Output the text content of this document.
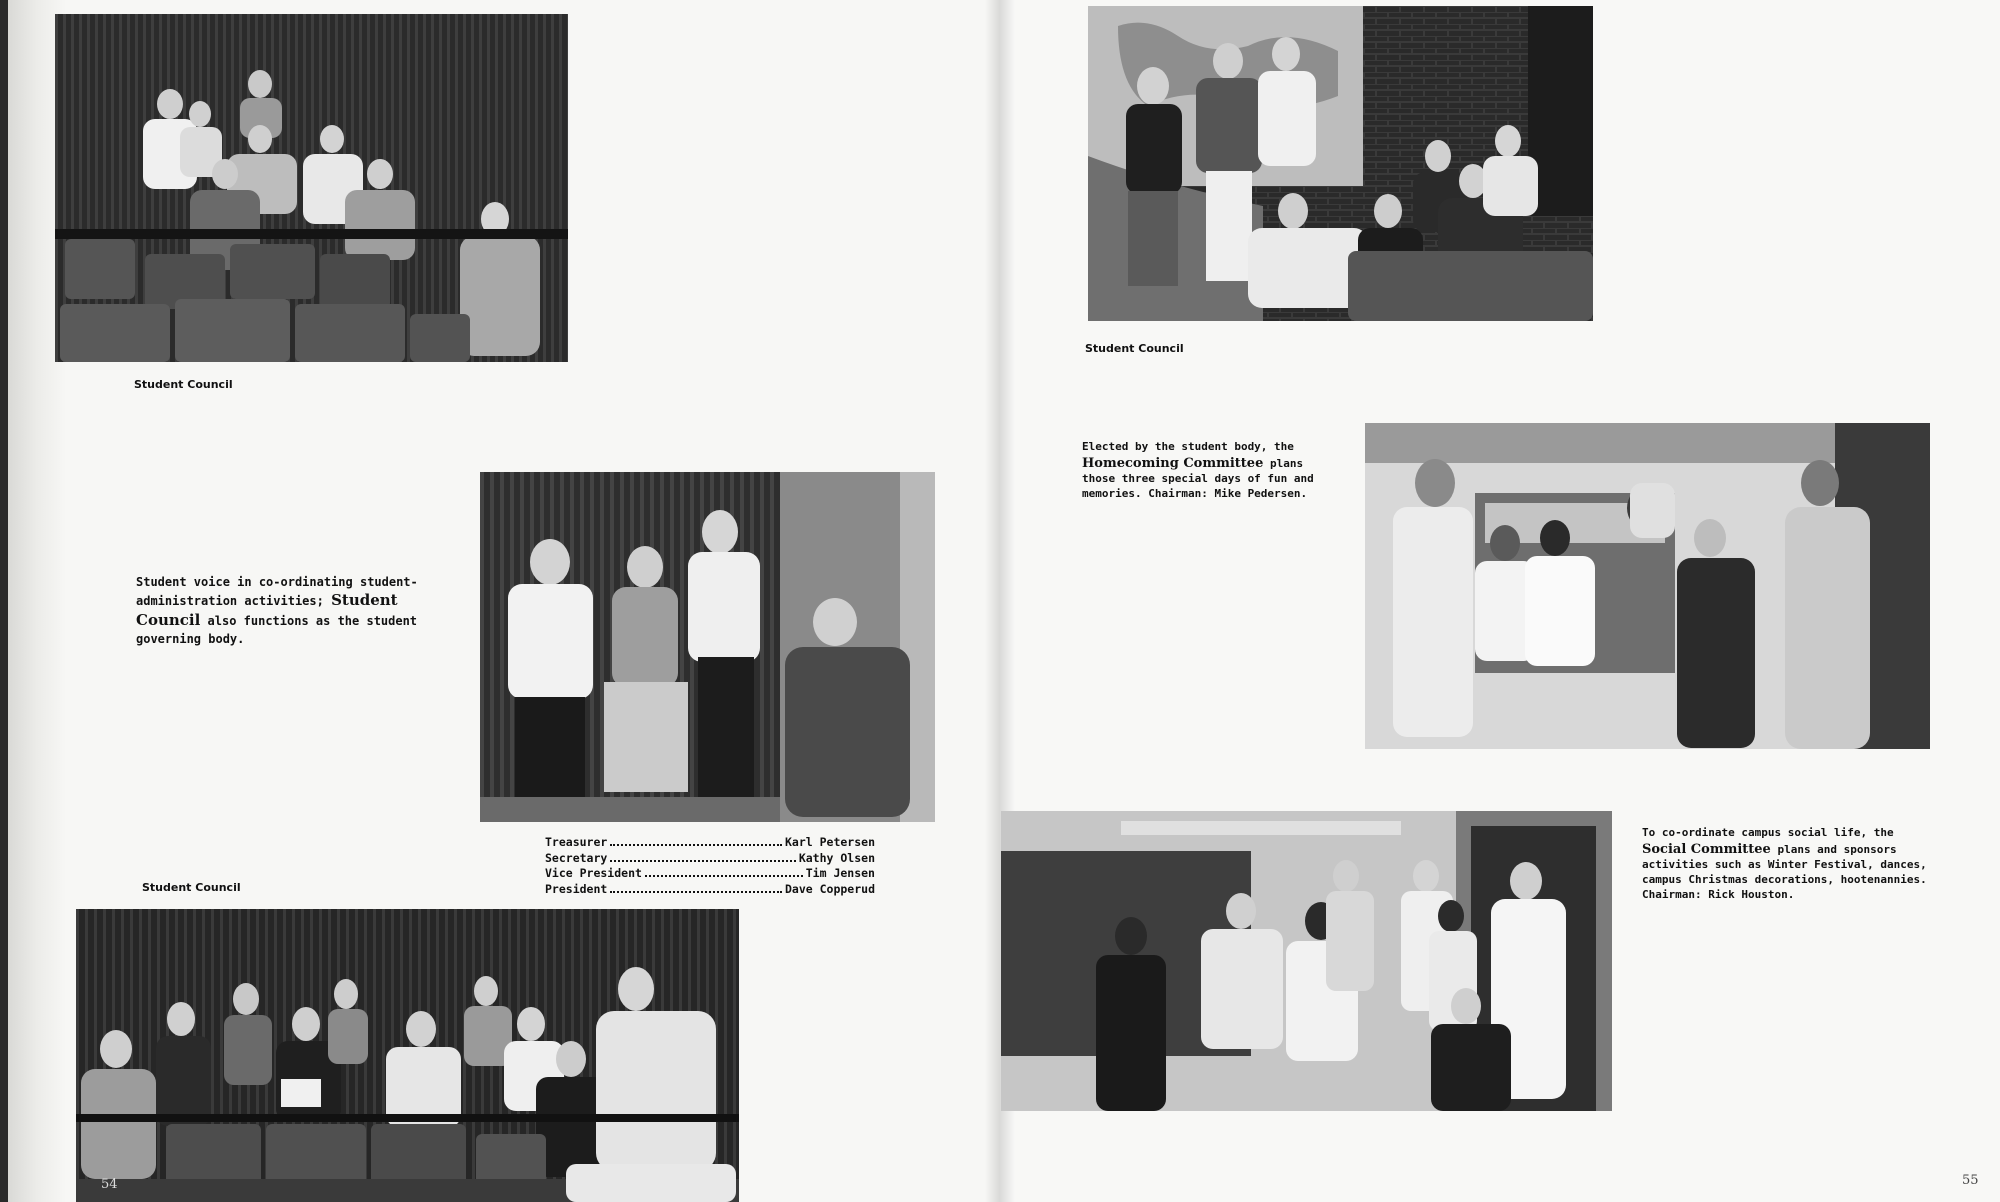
Student Council

Student voice in co-ordinating student-administration activities; Student Council also functions as the student governing body.

Treasurer	Karl Petersen
Secretary	Kathy Olsen
Vice President	Tim Jensen
President	Dave Copperud

Student Council

54

Student Council

Elected by the student body, the Homecoming Committee plans those three special days of fun and memories. Chairman: Mike Pedersen.

To co-ordinate campus social life, the Social Committee plans and sponsors activities such as Winter Festival, dances, campus Christmas decorations, hootenannies. Chairman: Rick Houston.

55
